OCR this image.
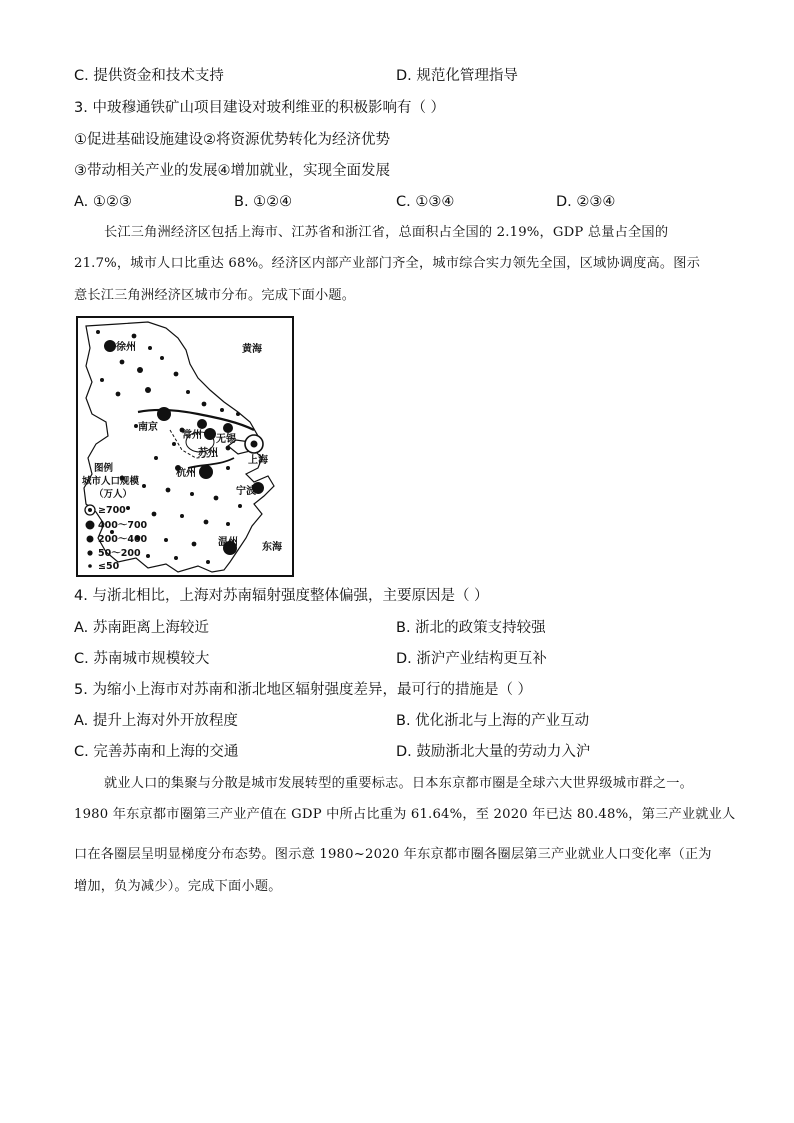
C. 提供资金和技术支持	D. 规范化管理指导
3. 中玻穆通铁矿山项目建设对玻利维亚的积极影响有（ ）
①促进基础设施建设②将资源优势转化为经济优势
③带动相关产业的发展④增加就业，实现全面发展
A. ①②③	B. ①②④	C. ①③④	D. ②③④
长江三角洲经济区包括上海市、江苏省和浙江省，总面积占全国的 2.19%，GDP 总量占全国的
21.7%，城市人口比重达 68%。经济区内部产业部门齐全，城市综合实力领先全国，区域协调度高。图示
意长江三角洲经济区城市分布。完成下面小题。
徐州	黄海
南京
常州 无锡
苏州
上海
杭州
宁波
温州 东海
图例
城市人口规模
（万人）
≥700
400～700
200～400
50～200
≤50
4. 与浙北相比，上海对苏南辐射强度整体偏强，主要原因是（ ）
A. 苏南距离上海较近	B. 浙北的政策支持较强
C. 苏南城市规模较大	D. 浙沪产业结构更互补
5. 为缩小上海市对苏南和浙北地区辐射强度差异，最可行的措施是（ ）
A. 提升上海对外开放程度	B. 优化浙北与上海的产业互动
C. 完善苏南和上海的交通	D. 鼓励浙北大量的劳动力入沪
就业人口的集聚与分散是城市发展转型的重要标志。日本东京都市圈是全球六大世界级城市群之一。
1980 年东京都市圈第三产业产值在 GDP 中所占比重为 61.64%，至 2020 年已达 80.48%，第三产业就业人
口在各圈层呈明显梯度分布态势。图示意 1980~2020 年东京都市圈各圈层第三产业就业人口变化率（正为
增加，负为减少）。完成下面小题。
